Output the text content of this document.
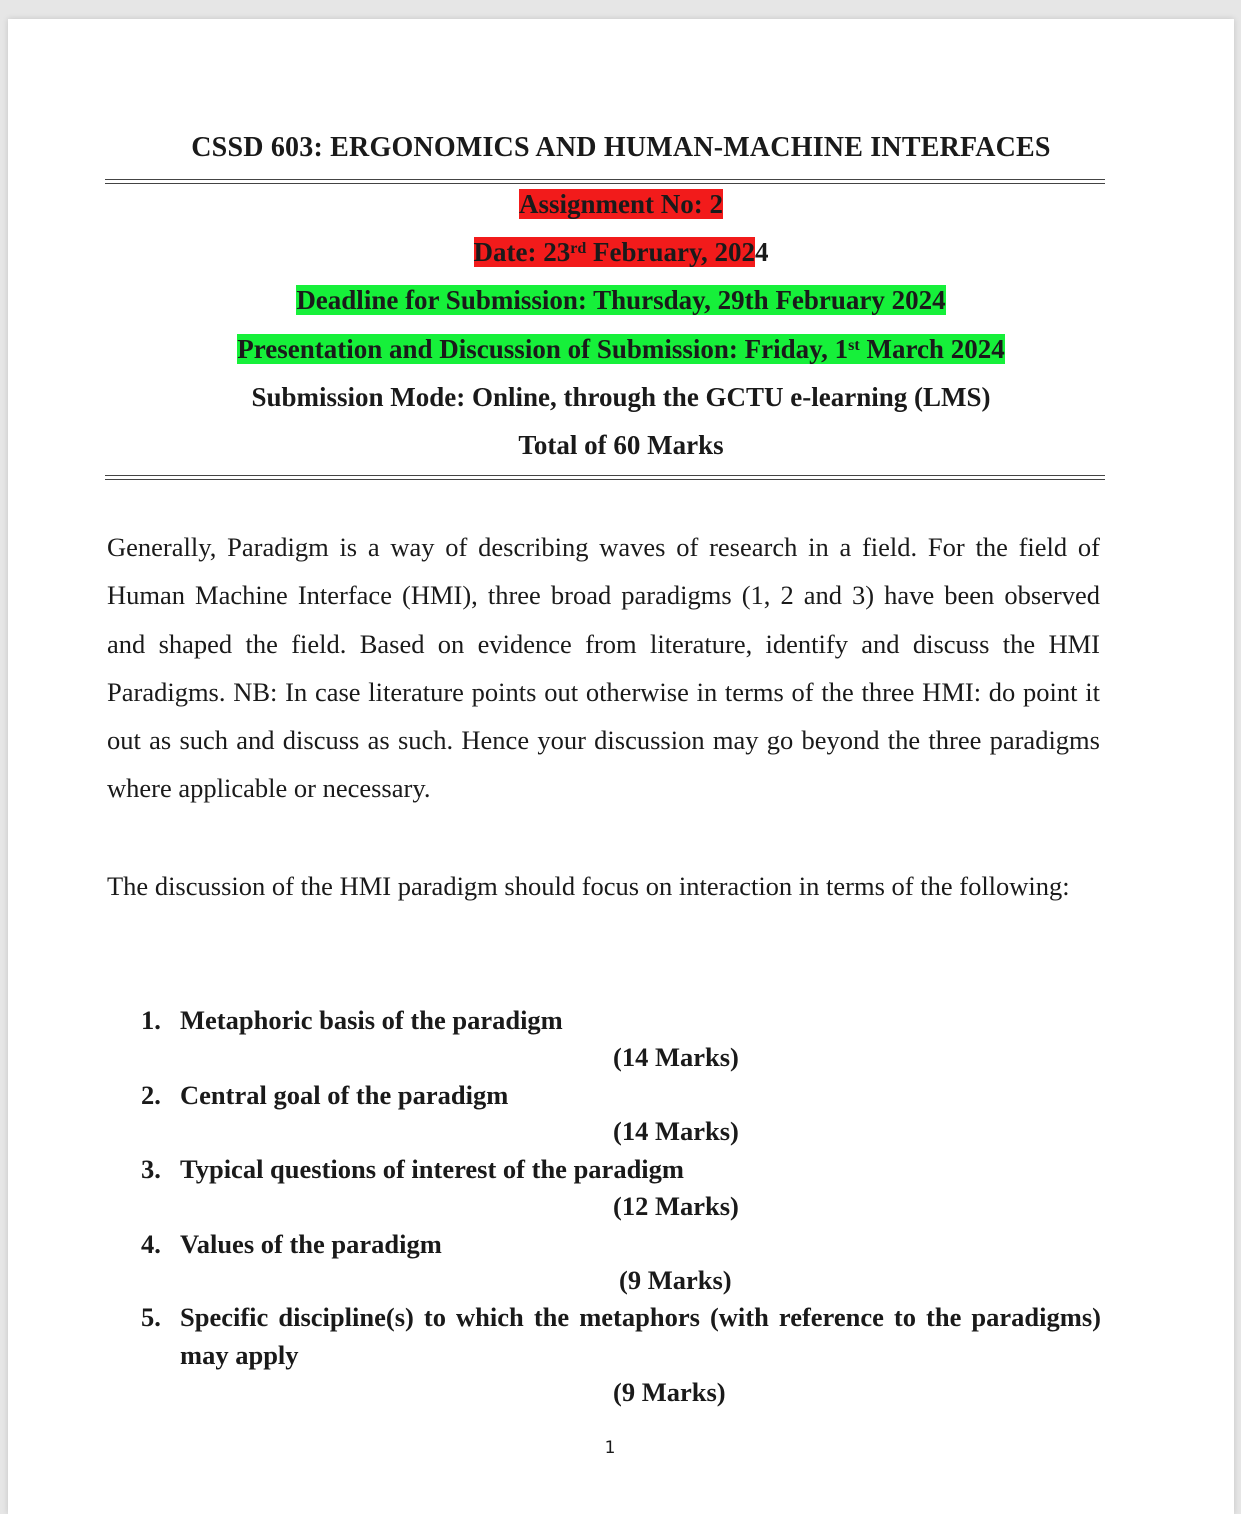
CSSD 603: ERGONOMICS AND HUMAN-MACHINE INTERFACES
Assignment No: 2
Date: 23rd February, 2024
Deadline for Submission: Thursday, 29th February 2024
Presentation and Discussion of Submission: Friday, 1st March 2024
Submission Mode: Online, through the GCTU e-learning (LMS)
Total of 60 Marks
Generally, Paradigm is a way of describing waves of research in a field. For the field of Human Machine Interface (HMI), three broad paradigms (1, 2 and 3) have been observed and shaped the field. Based on evidence from literature, identify and discuss the HMI Paradigms. NB: In case literature points out otherwise in terms of the three HMI: do point it out as such and discuss as such. Hence your discussion may go beyond the three paradigms where applicable or necessary.
The discussion of the HMI paradigm should focus on interaction in terms of the following:
1. Metaphoric basis of the paradigm
(14 Marks)
2. Central goal of the paradigm
(14 Marks)
3. Typical questions of interest of the paradigm
(12 Marks)
4. Values of the paradigm
(9 Marks)
5. Specific discipline(s) to which the metaphors (with reference to the paradigms) may apply
(9 Marks)
1
